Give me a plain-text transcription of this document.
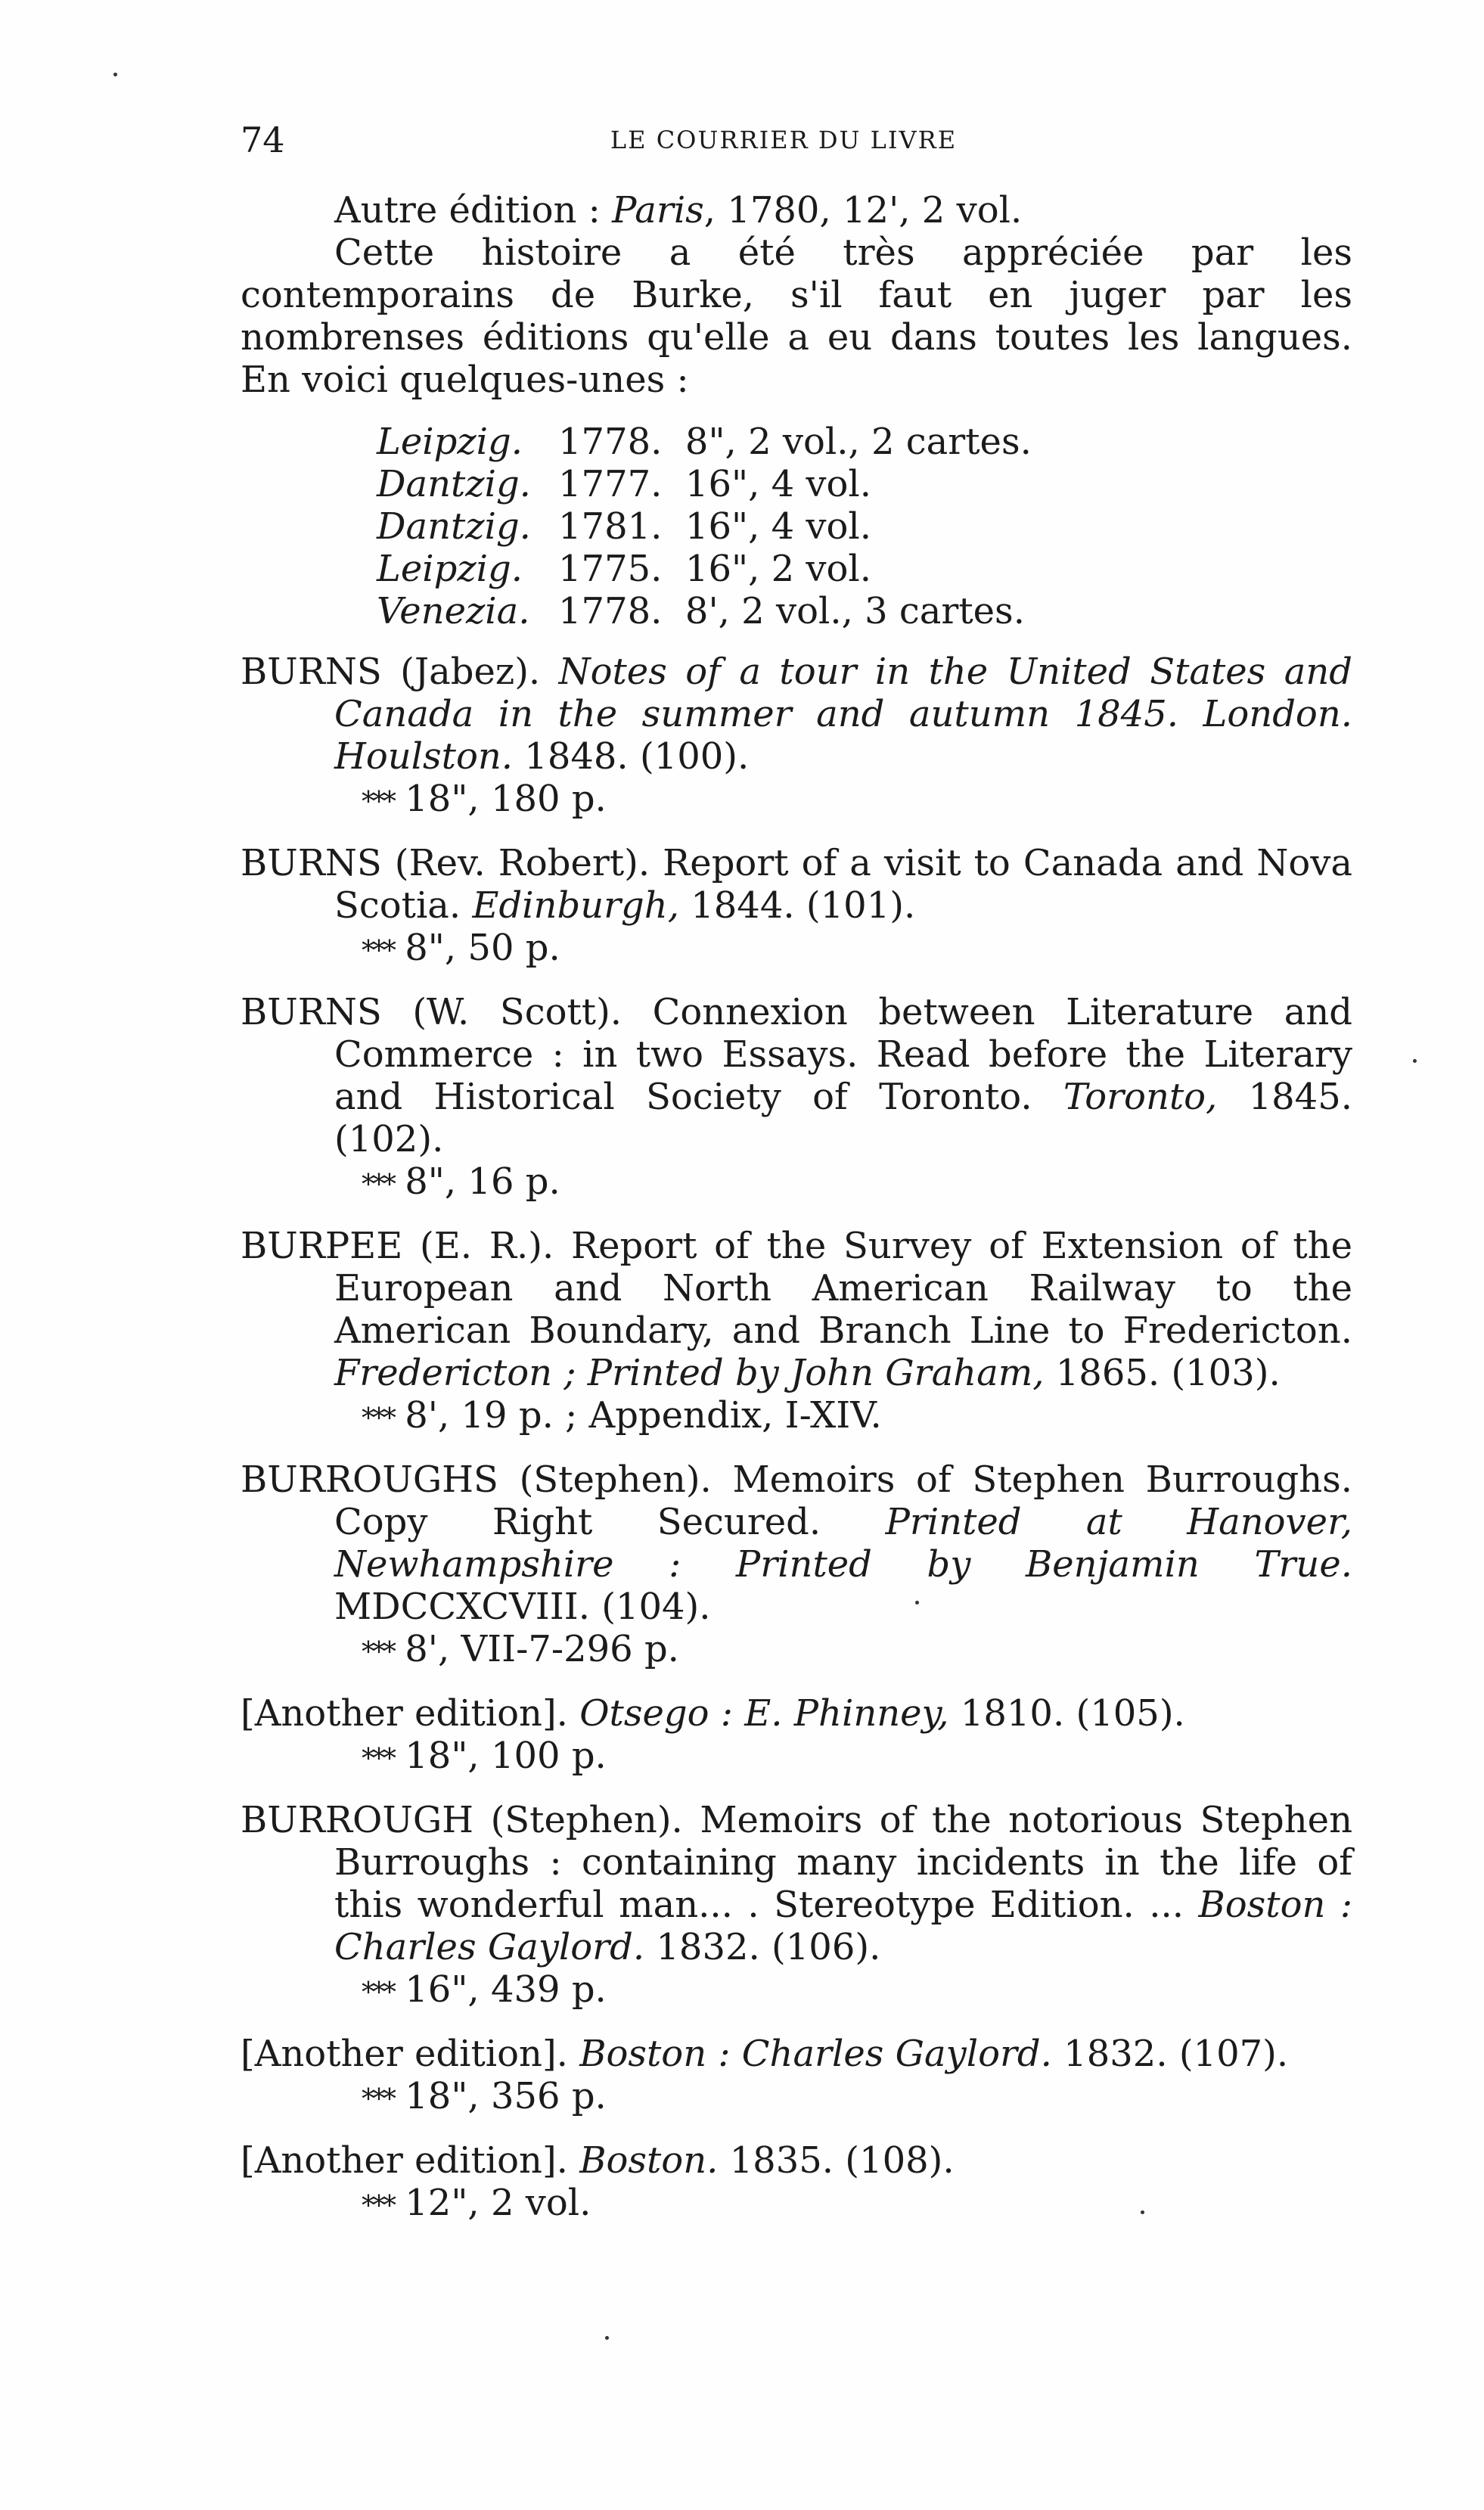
74	LE COURRIER DU LIVRE

Autre édition : Paris, 1780, 12', 2 vol.

Cette histoire a été très appréciée par les contemporains de Burke, s'il faut en juger par les nombrenses éditions qu'elle a eu dans toutes les langues. En voici quelques-unes :

Leipzig. 1778.  8", 2 vol., 2 cartes.
Dantzig. 1777.  16", 4 vol.
Dantzig. 1781.  16", 4 vol.
Leipzig. 1775.  16", 2 vol.
Venezia. 1778.  8', 2 vol., 3 cartes.

BURNS (Jabez). Notes of a tour in the United States and Canada in the summer and autumn 1845. London. Houlston. 1848. (100).

*** 18", 180 p.

BURNS (Rev. Robert). Report of a visit to Canada and Nova Scotia. Edinburgh, 1844. (101).

*** 8", 50 p.

BURNS (W. Scott). Connexion between Literature and Commerce : in two Essays. Read before the Literary and Historical Society of Toronto. Toronto, 1845. (102).

*** 8", 16 p.

BURPEE (E. R.). Report of the Survey of Extension of the European and North American Railway to the American Boundary, and Branch Line to Fredericton. Fredericton ; Printed by John Graham, 1865. (103).

*** 8', 19 p. ; Appendix, I-XIV.

BURROUGHS (Stephen). Memoirs of Stephen Burroughs. Copy Right Secured. Printed at Hanover, Newhampshire : Printed by Benjamin True. MDCCXCVIII. (104).

*** 8', VII-7-296 p.

[Another edition]. Otsego : E. Phinney, 1810. (105).

*** 18", 100 p.

BURROUGH (Stephen). Memoirs of the notorious Stephen Burroughs : containing many incidents in the life of this wonderful man... . Stereotype Edition. ... Boston : Charles Gaylord. 1832. (106).

*** 16", 439 p.

[Another edition]. Boston : Charles Gaylord. 1832. (107).

*** 18", 356 p.

[Another edition]. Boston. 1835. (108).

*** 12", 2 vol.
